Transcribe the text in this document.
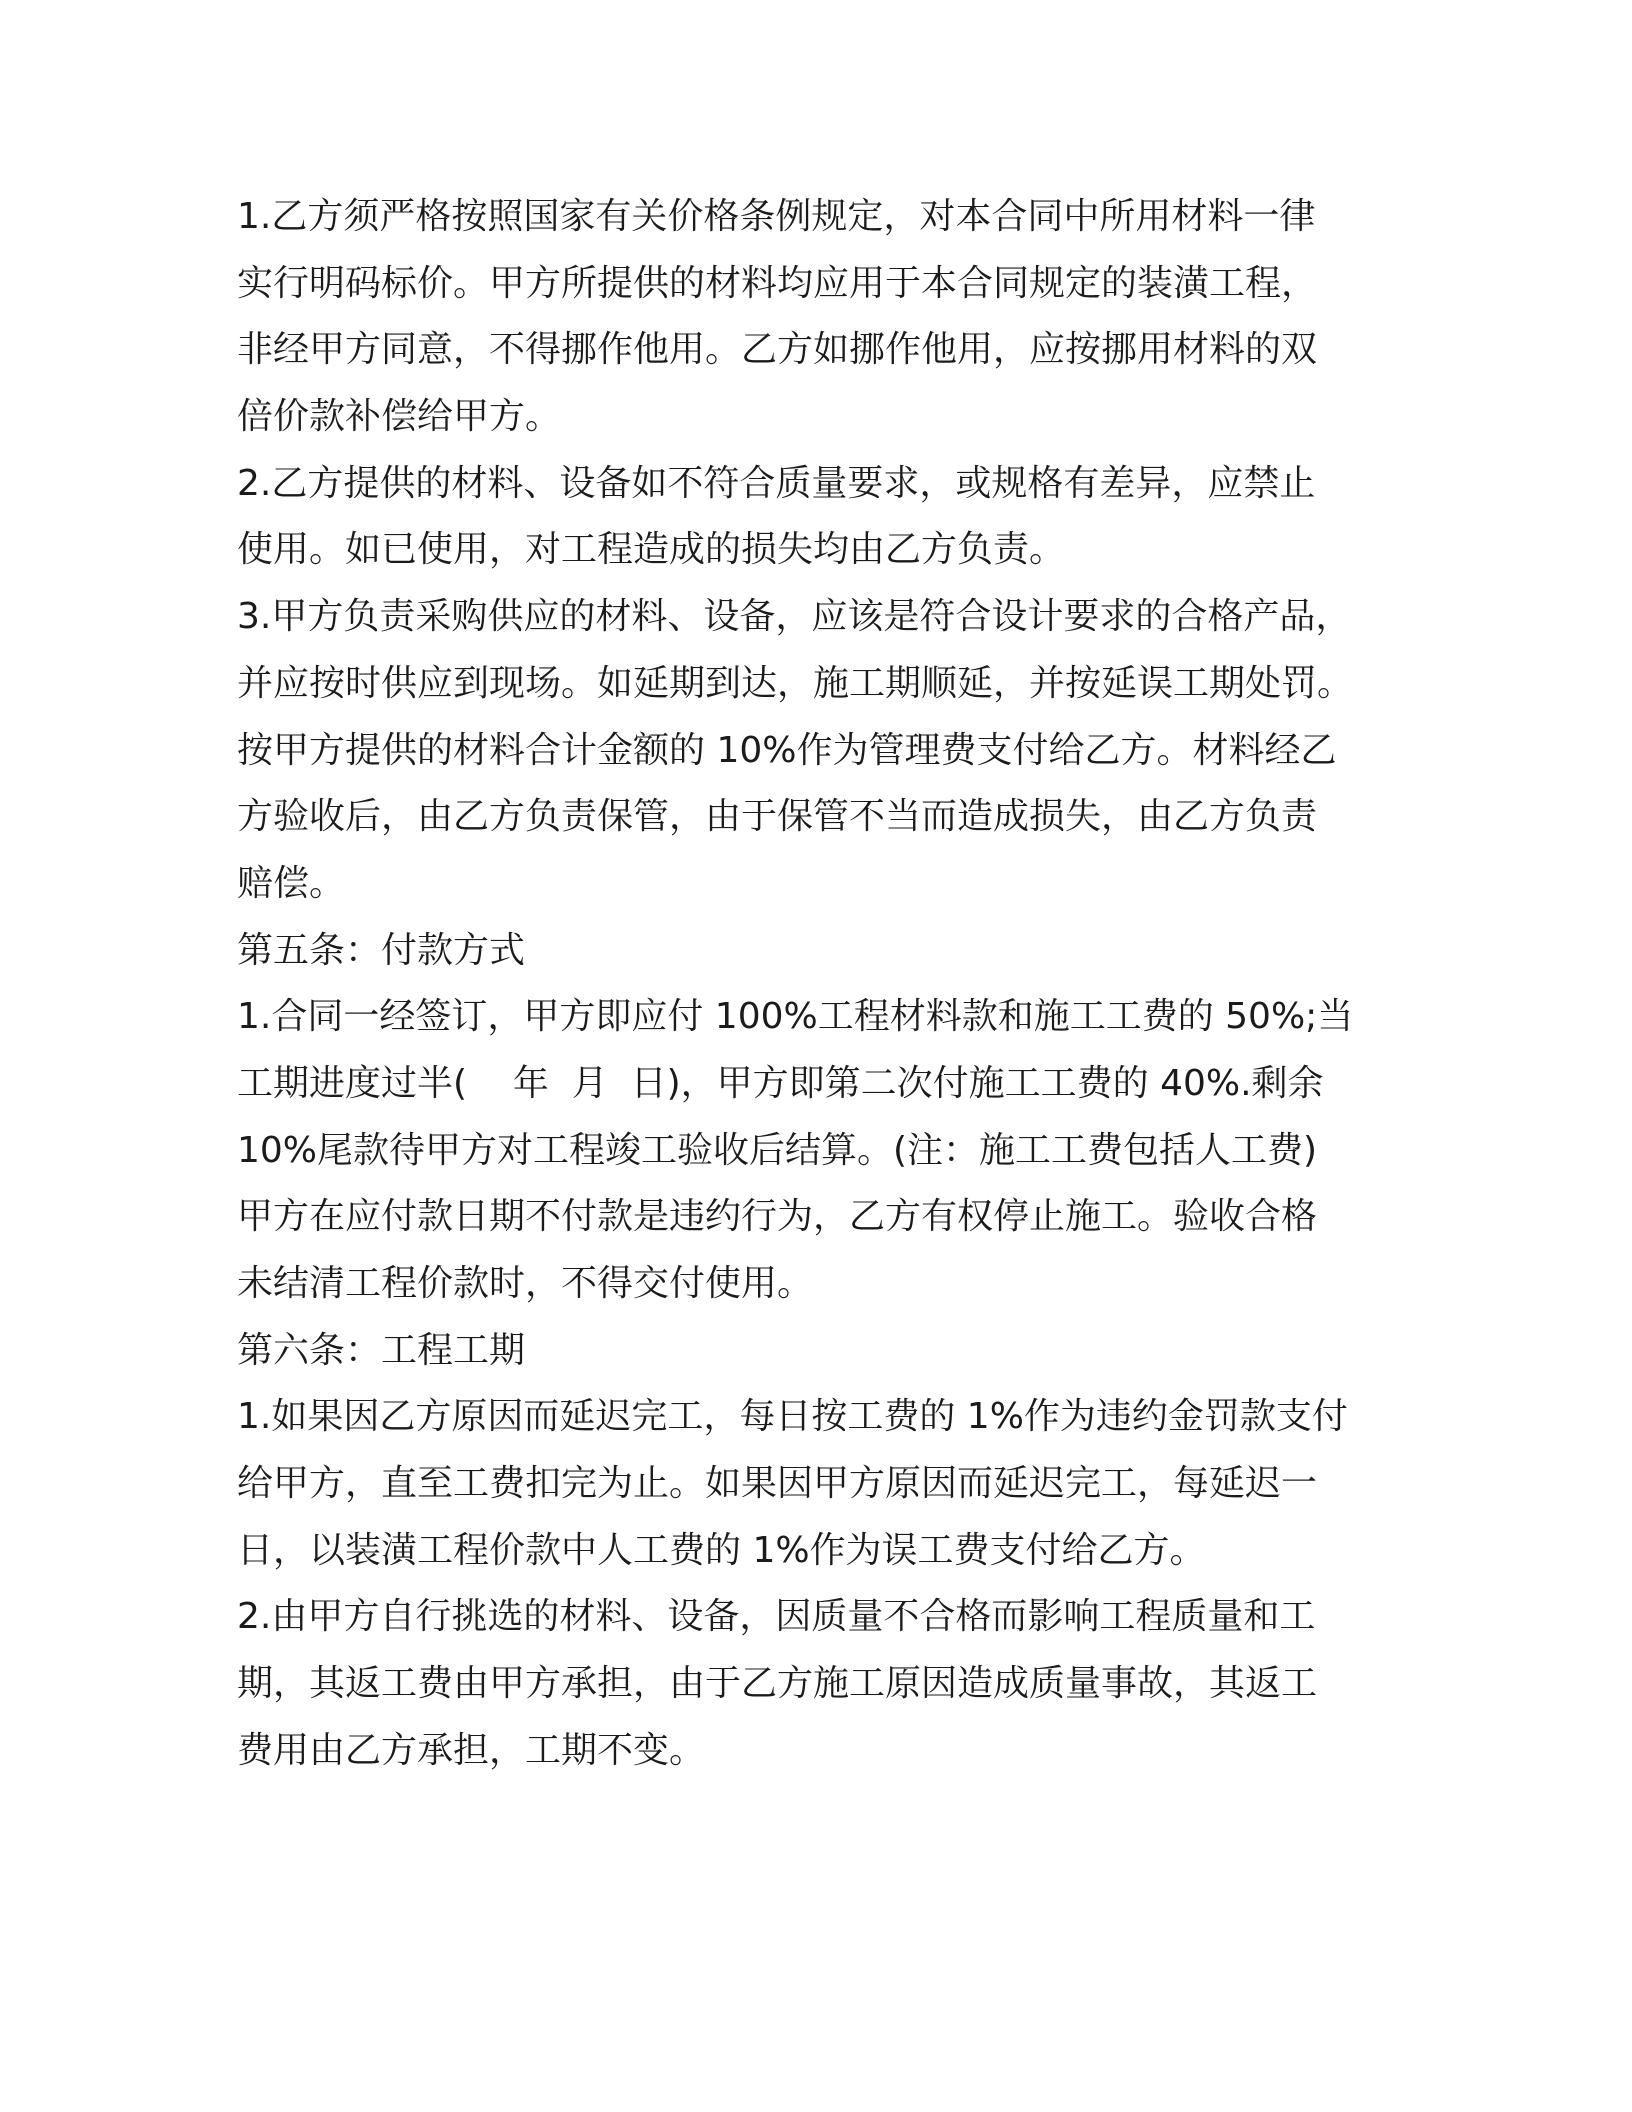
1.乙方须严格按照国家有关价格条例规定，对本合同中所用材料一律
实行明码标价。甲方所提供的材料均应用于本合同规定的装潢工程，
非经甲方同意，不得挪作他用。乙方如挪作他用，应按挪用材料的双
倍价款补偿给甲方。
2.乙方提供的材料、设备如不符合质量要求，或规格有差异，应禁止
使用。如已使用，对工程造成的损失均由乙方负责。
3.甲方负责采购供应的材料、设备，应该是符合设计要求的合格产品，
并应按时供应到现场。如延期到达，施工期顺延，并按延误工期处罚。
按甲方提供的材料合计金额的 10%作为管理费支付给乙方。材料经乙
方验收后，由乙方负责保管，由于保管不当而造成损失，由乙方负责
赔偿。
第五条：付款方式
1.合同一经签订，甲方即应付 100%工程材料款和施工工费的 50%;当
工期进度过半(    年  月  日)，甲方即第二次付施工工费的 40%.剩余
10%尾款待甲方对工程竣工验收后结算。(注：施工工费包括人工费)
甲方在应付款日期不付款是违约行为，乙方有权停止施工。验收合格
未结清工程价款时，不得交付使用。
第六条：工程工期
1.如果因乙方原因而延迟完工，每日按工费的 1%作为违约金罚款支付
给甲方，直至工费扣完为止。如果因甲方原因而延迟完工，每延迟一
日，以装潢工程价款中人工费的 1%作为误工费支付给乙方。
2.由甲方自行挑选的材料、设备，因质量不合格而影响工程质量和工
期，其返工费由甲方承担，由于乙方施工原因造成质量事故，其返工
费用由乙方承担，工期不变。
